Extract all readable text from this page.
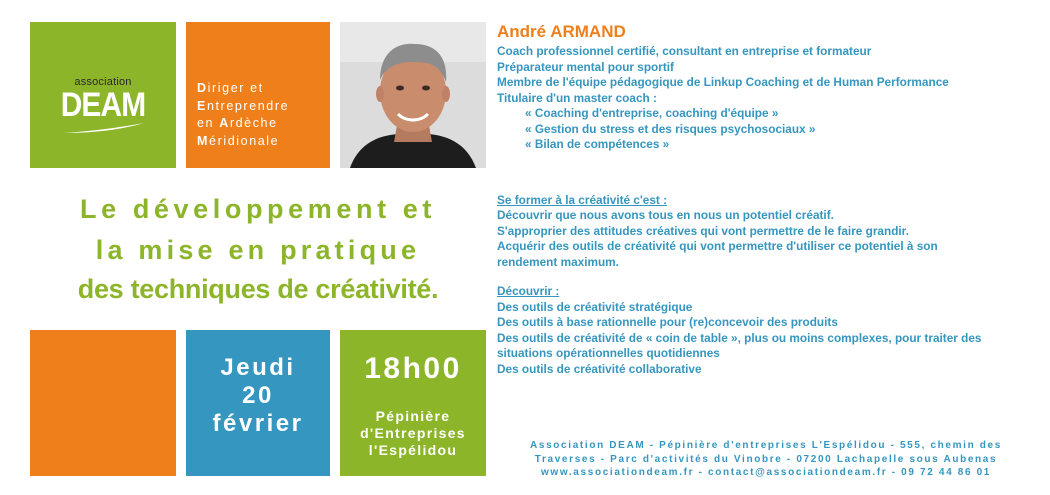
association
DEAM	Diriger et
Entreprendre
en Ardèche
Méridionale
Le développement et
la mise en pratique
des techniques de créativité.
Jeudi
20
février
18h00
Pépinière
d'Entreprises
l'Espélidou
André ARMAND
Coach professionnel certifié, consultant en entreprise et formateur
Préparateur mental pour sportif
Membre de l'équipe pédagogique de Linkup Coaching et de Human Performance
Titulaire d'un master coach :
« Coaching d'entreprise, coaching d'équipe »
« Gestion du stress et des risques psychosociaux »
« Bilan de compétences »
Se former à la créativité c'est :
Découvrir que nous avons tous en nous un potentiel créatif.
S'approprier des attitudes créatives qui vont permettre de le faire grandir.
Acquérir des outils de créativité qui vont permettre d'utiliser ce potentiel à son
rendement maximum.
Découvrir :
Des outils de créativité stratégique
Des outils à base rationnelle pour (re)concevoir des produits
Des outils de créativité de « coin de table », plus ou moins complexes, pour traiter des
situations opérationnelles quotidiennes
Des outils de créativité collaborative
Association DEAM - Pépinière d'entreprises L'Espélidou - 555, chemin des
Traverses - Parc d'activités du Vinobre - 07200 Lachapelle sous Aubenas
www.associationdeam.fr - contact@associationdeam.fr - 09 72 44 86 01
